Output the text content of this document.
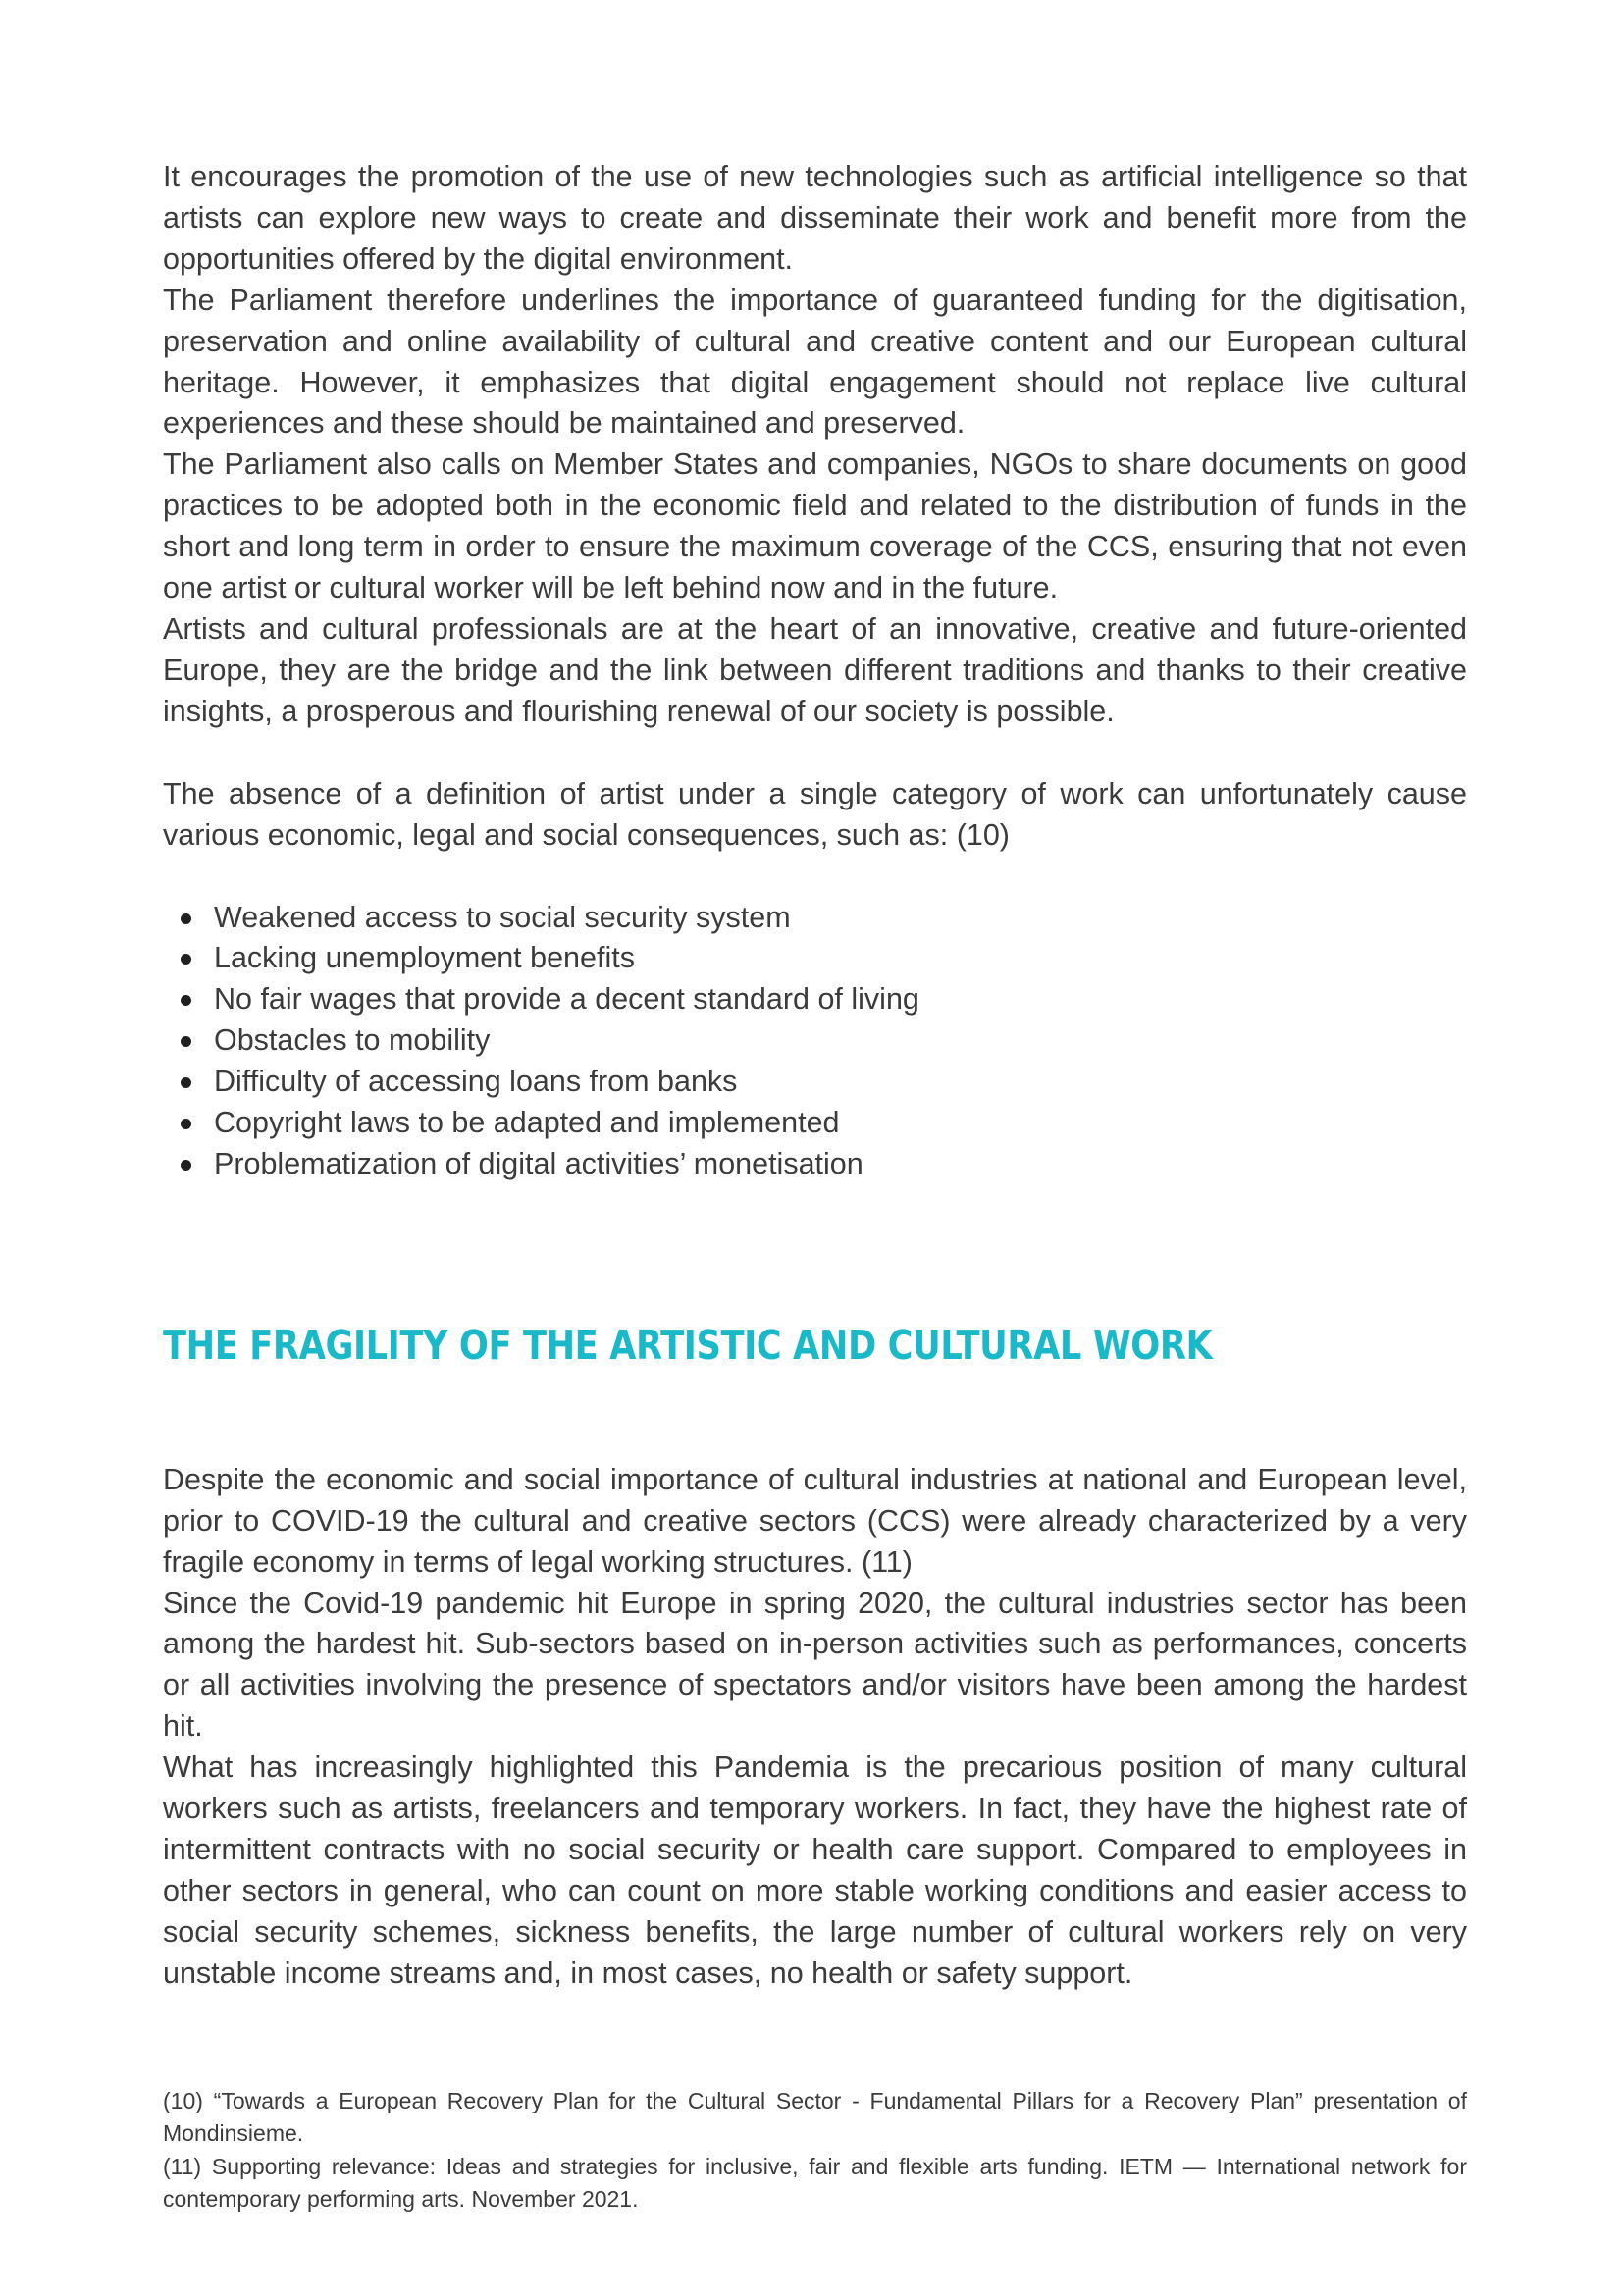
It encourages the promotion of the use of new technologies such as artificial intelligence so that artists can explore new ways to create and disseminate their work and benefit more from the opportunities offered by the digital environment.

The Parliament therefore underlines the importance of guaranteed funding for the digitisation, preservation and online availability of cultural and creative content and our European cultural heritage. However, it emphasizes that digital engagement should not replace live cultural experiences and these should be maintained and preserved.

The Parliament also calls on Member States and companies, NGOs to share documents on good practices to be adopted both in the economic field and related to the distribution of funds in the short and long term in order to ensure the maximum coverage of the CCS, ensuring that not even one artist or cultural worker will be left behind now and in the future.

Artists and cultural professionals are at the heart of an innovative, creative and future-oriented Europe, they are the bridge and the link between different traditions and thanks to their creative insights, a prosperous and flourishing renewal of our society is possible.

The absence of a definition of artist under a single category of work can unfortunately cause various economic, legal and social consequences, such as: (10)

Weakened access to social security system
Lacking unemployment benefits
No fair wages that provide a decent standard of living
Obstacles to mobility
Difficulty of accessing loans from banks
Copyright laws to be adapted and implemented
Problematization of digital activities’ monetisation
THE FRAGILITY OF THE ARTISTIC AND CULTURAL WORK

Despite the economic and social importance of cultural industries at national and European level, prior to COVID-19 the cultural and creative sectors (CCS) were already characterized by a very fragile economy in terms of legal working structures. (11)

Since the Covid-19 pandemic hit Europe in spring 2020, the cultural industries sector has been among the hardest hit. Sub-sectors based on in-person activities such as performances, concerts or all activities involving the presence of spectators and/or visitors have been among the hardest hit.

What has increasingly highlighted this Pandemia is the precarious position of many cultural workers such as artists, freelancers and temporary workers. In fact, they have the highest rate of intermittent contracts with no social security or health care support. Compared to employees in other sectors in general, who can count on more stable working conditions and easier access to social security schemes, sickness benefits, the large number of cultural workers rely on very unstable income streams and, in most cases, no health or safety support.

(10) “Towards a European Recovery Plan for the Cultural Sector - Fundamental Pillars for a Recovery Plan” presentation of Mondinsieme.

(11) Supporting relevance: Ideas and strategies for inclusive, fair and flexible arts funding. IETM — International network for contemporary performing arts. November 2021.
